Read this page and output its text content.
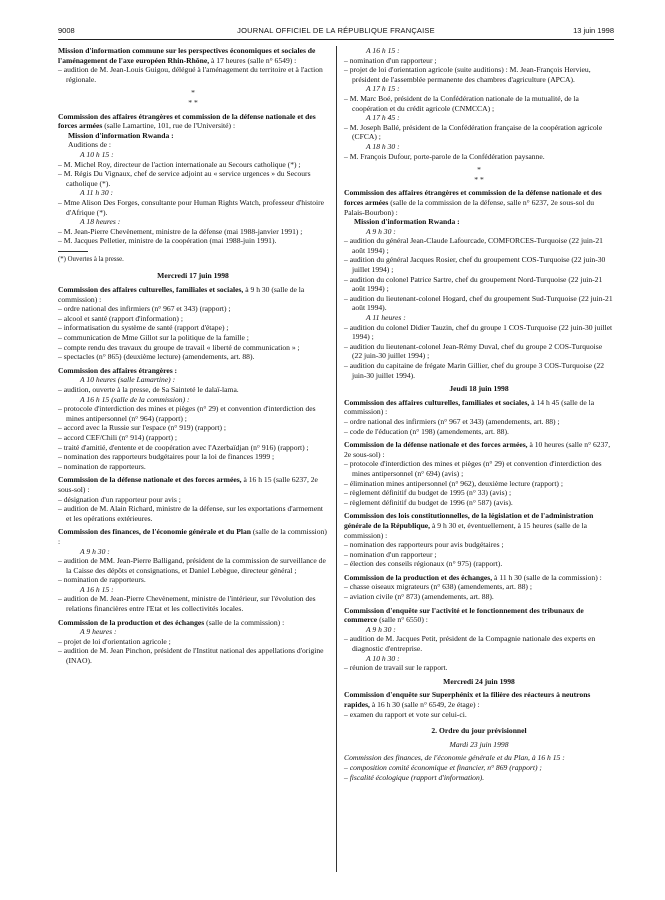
9008	JOURNAL OFFICIEL DE LA RÉPUBLIQUE FRANÇAISE	13 juin 1998

Mission d'information commune sur les perspectives économiques et sociales de l'aménagement de l'axe européen Rhin-Rhône, à 17 heures (salle n° 6549) :

– audition de M. Jean-Louis Guigou, délégué à l'aménagement du territoire et à l'action régionale.

*

* *

Commission des affaires étrangères et commission de la défense nationale et des forces armées (salle Lamartine, 101, rue de l'Université) :

Mission d'information Rwanda :

Auditions de :

A 10 h 15 :

– M. Michel Roy, directeur de l'action internationale au Secours catholique (*) ;

– M. Régis Du Vignaux, chef de service adjoint au « service urgences » du Secours catholique (*).

A 11 h 30 :

– Mme Alison Des Forges, consultante pour Human Rights Watch, professeur d'histoire d'Afrique (*).

A 18 heures :

– M. Jean-Pierre Chevènement, ministre de la défense (mai 1988-janvier 1991) ;

– M. Jacques Pelletier, ministre de la coopération (mai 1988-juin 1991).

(*) Ouvertes à la presse.

Mercredi 17 juin 1998

Commission des affaires culturelles, familiales et sociales, à 9 h 30 (salle de la commission) :

– ordre national des infirmiers (n° 967 et 343) (rapport) ;

– alcool et santé (rapport d'information) ;

– informatisation du système de santé (rapport d'étape) ;

– communication de Mme Gillot sur la politique de la famille ;

– compte rendu des travaux du groupe de travail « liberté de communication » ;

– spectacles (n° 865) (deuxième lecture) (amendements, art. 88).

Commission des affaires étrangères :

A 10 heures (salle Lamartine) :

– audition, ouverte à la presse, de Sa Sainteté le dalaï-lama.

A 16 h 15 (salle de la commission) :

– protocole d'interdiction des mines et pièges (n° 29) et convention d'interdiction des mines antipersonnel (n° 964) (rapport) ;

– accord avec la Russie sur l'espace (n° 919) (rapport) ;

– accord CEF/Chili (n° 914) (rapport) ;

– traité d'amitié, d'entente et de coopération avec l'Azerbaïdjan (n° 916) (rapport) ;

– nomination des rapporteurs budgétaires pour la loi de finances 1999 ;

– nomination de rapporteurs.

Commission de la défense nationale et des forces armées, à 16 h 15 (salle 6237, 2e sous-sol) :

– désignation d'un rapporteur pour avis ;

– audition de M. Alain Richard, ministre de la défense, sur les exportations d'armement et les opérations extérieures.

Commission des finances, de l'économie générale et du Plan (salle de la commission) :

A 9 h 30 :

– audition de MM. Jean-Pierre Balligand, président de la commission de surveillance de la Caisse des dépôts et consignations, et Daniel Lebègue, directeur général ;

– nomination de rapporteurs.

A 16 h 15 :

– audition de M. Jean-Pierre Chevènement, ministre de l'intérieur, sur l'évolution des relations financières entre l'Etat et les collectivités locales.

Commission de la production et des échanges (salle de la commission) :

A 9 heures :

– projet de loi d'orientation agricole ;

– audition de M. Jean Pinchon, président de l'Institut national des appellations d'origine (INAO).

A 16 h 15 :

– nomination d'un rapporteur ;

– projet de loi d'orientation agricole (suite auditions) : M. Jean-François Hervieu, président de l'assemblée permanente des chambres d'agriculture (APCA).

A 17 h 15 :

– M. Marc Boé, président de la Confédération nationale de la mutualité, de la coopération et du crédit agricole (CNMCCA) ;

A 17 h 45 :

– M. Joseph Ballé, président de la Confédération française de la coopération agricole (CFCA) ;

A 18 h 30 :

– M. François Dufour, porte-parole de la Confédération paysanne.

*

* *

Commission des affaires étrangères et commission de la défense nationale et des forces armées (salle de la commission de la défense, salle n° 6237, 2e sous-sol du Palais-Bourbon) :

Mission d'information Rwanda :

A 9 h 30 :

– audition du général Jean-Claude Lafourcade, COMFORCES-Turquoise (22 juin-21 août 1994) ;

– audition du général Jacques Rosier, chef du groupement COS-Turquoise (22 juin-30 juillet 1994) ;

– audition du colonel Patrice Sartre, chef du groupement Nord-Turquoise (22 juin-21 août 1994) ;

– audition du lieutenant-colonel Hogard, chef du groupement Sud-Turquoise (22 juin-21 août 1994).

A 11 heures :

– audition du colonel Didier Tauzin, chef du groupe 1 COS-Turquoise (22 juin-30 juillet 1994) ;

– audition du lieutenant-colonel Jean-Rémy Duval, chef du groupe 2 COS-Turquoise (22 juin-30 juillet 1994) ;

– audition du capitaine de frégate Marin Gillier, chef du groupe 3 COS-Turquoise (22 juin-30 juillet 1994).

Jeudi 18 juin 1998

Commission des affaires culturelles, familiales et sociales, à 14 h 45 (salle de la commission) :

– ordre national des infirmiers (n° 967 et 343) (amendements, art. 88) ;

– code de l'éducation (n° 198) (amendements, art. 88).

Commission de la défense nationale et des forces armées, à 10 heures (salle n° 6237, 2e sous-sol) :

– protocole d'interdiction des mines et pièges (n° 29) et convention d'interdiction des mines antipersonnel (n° 694) (avis) ;

– élimination mines antipersonnel (n° 962), deuxième lecture (rapport) ;

– règlement définitif du budget de 1995 (n° 33) (avis) ;

– règlement définitif du budget de 1996 (n° 587) (avis).

Commission des lois constitutionnelles, de la législation et de l'administration générale de la République, à 9 h 30 et, éventuellement, à 15 heures (salle de la commission) :

– nomination des rapporteurs pour avis budgétaires ;

– nomination d'un rapporteur ;

– élection des conseils régionaux (n° 975) (rapport).

Commission de la production et des échanges, à 11 h 30 (salle de la commission) :

– chasse oiseaux migrateurs (n° 638) (amendements, art. 88) ;

– aviation civile (n° 873) (amendements, art. 88).

Commission d'enquête sur l'activité et le fonctionnement des tribunaux de commerce (salle n° 6550) :

A 9 h 30 :

– audition de M. Jacques Petit, président de la Compagnie nationale des experts en diagnostic d'entreprise.

A 10 h 30 :

– réunion de travail sur le rapport.

Mercredi 24 juin 1998

Commission d'enquête sur Superphénix et la filière des réacteurs à neutrons rapides, à 16 h 30 (salle n° 6549, 2e étage) :

– examen du rapport et vote sur celui-ci.

2. Ordre du jour prévisionnel

Mardi 23 juin 1998

Commission des finances, de l'économie générale et du Plan, à 16 h 15 :

– composition comité économique et financier, n° 869 (rapport) ;

– fiscalité écologique (rapport d'information).
